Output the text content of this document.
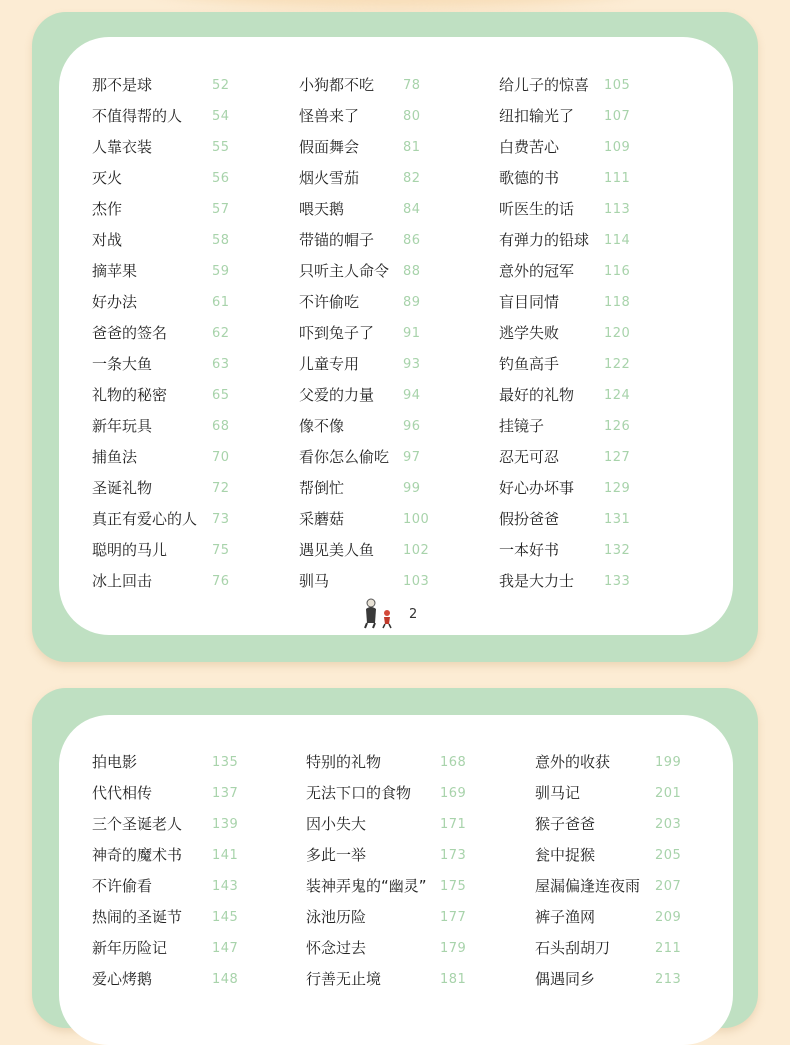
那不是球	52
不值得帮的人 54
人靠衣装	55
灭火	56
杰作	57
对战	58
摘苹果	59
好办法	61
爸爸的签名	62
一条大鱼	63
礼物的秘密	65
新年玩具	68
捕鱼法	70
圣诞礼物	72
真正有爱心的人 73
聪明的马儿	75
冰上回击	76
小狗都不吃 78
怪兽来了	80
假面舞会	81
烟火雪茄	82
喂天鹅	84
带锚的帽子 86
只听主人命令 88
不许偷吃	89
吓到兔子了 91
儿童专用	93
父爱的力量 94
像不像	96
看你怎么偷吃 97
帮倒忙	99
采蘑菇	100
遇见美人鱼 102
驯马	103
给儿子的惊喜 105
纽扣输光了 107
白费苦心	109
歌德的书	111
听医生的话 113
有弹力的铅球 114
意外的冠军 116
盲目同情	118
逃学失败	120
钓鱼高手	122
最好的礼物 124
挂镜子	126
忍无可忍	127
好心办坏事 129
假扮爸爸	131
一本好书	132
我是大力士 133
2
拍电影	135
代代相传	137
三个圣诞老人 139
神奇的魔术书 141
不许偷看	143
热闹的圣诞节 145
新年历险记	147
爱心烤鹅	148
特别的礼物	168
无法下口的食物 169
因小失大	171
多此一举	173
装神弄鬼的“幽灵” 175
泳池历险	177
怀念过去	179
行善无止境	181
意外的收获	199
驯马记	201
猴子爸爸	203
瓮中捉猴	205
屋漏偏逢连夜雨 207
裤子渔网	209
石头刮胡刀	211
偶遇同乡	213
